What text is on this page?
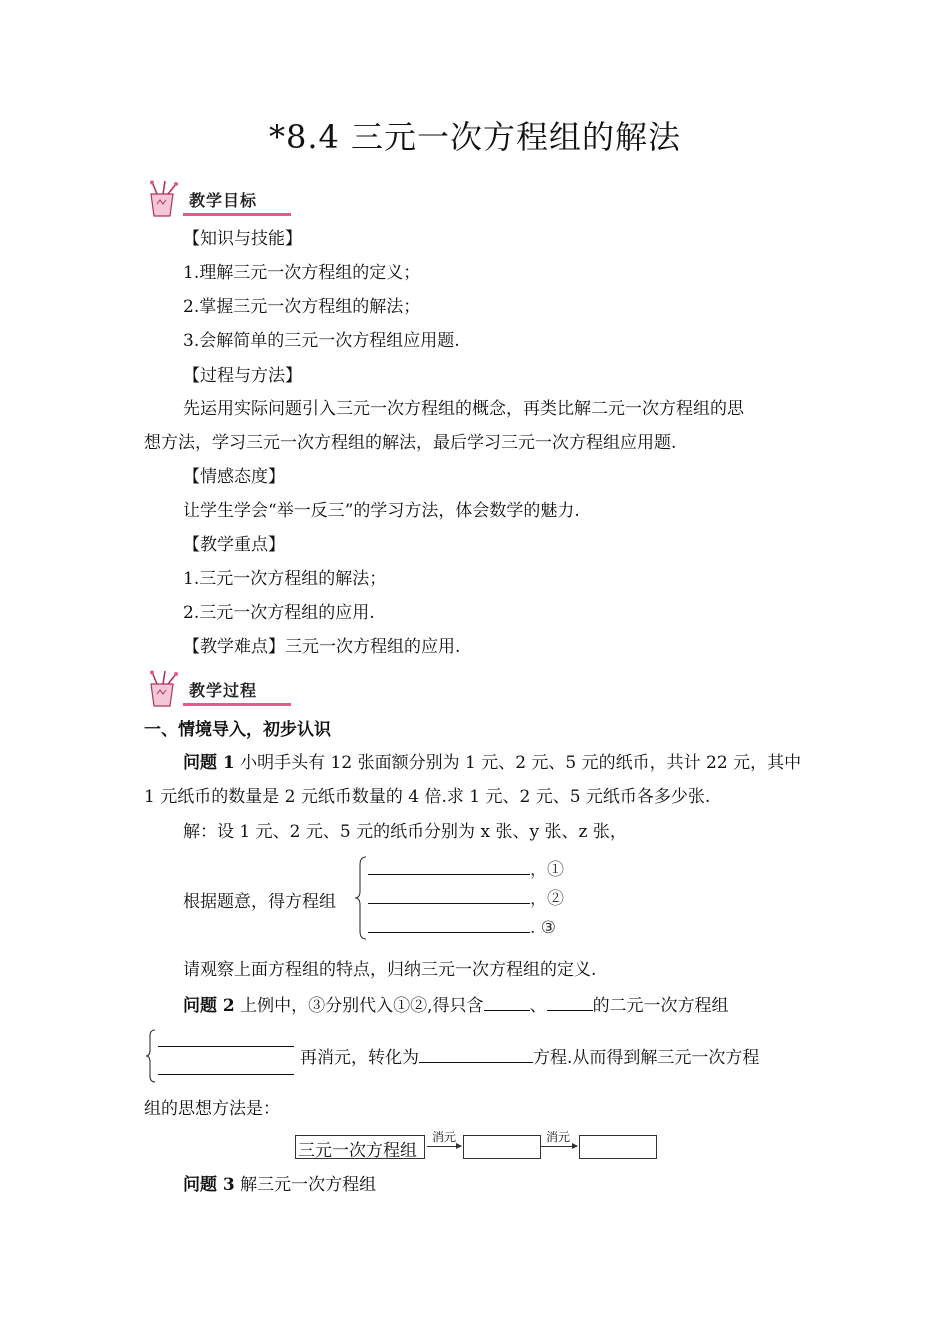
*8.4 三元一次方程组的解法
教学目标
【知识与技能】
1.理解三元一次方程组的定义；
2.掌握三元一次方程组的解法；
3.会解简单的三元一次方程组应用题.
【过程与方法】
先运用实际问题引入三元一次方程组的概念，再类比解二元一次方程组的思
想方法，学习三元一次方程组的解法，最后学习三元一次方程组应用题.
【情感态度】
让学生学会“举一反三”的学习方法，体会数学的魅力.
【教学重点】
1.三元一次方程组的解法；
2.三元一次方程组的应用.
【教学难点】三元一次方程组的应用.
教学过程
一、情境导入，初步认识
问题 1 小明手头有 12 张面额分别为 1 元、2 元、5 元的纸币，共计 22 元，其中
1 元纸币的数量是 2 元纸币数量的 4 倍.求 1 元、2 元、5 元纸币各多少张.
解：设 1 元、2 元、5 元的纸币分别为 x 张、y 张、z 张，
根据题意，得方程组
，①
，②
. ③
请观察上面方程组的特点，归纳三元一次方程组的定义.
问题 2 上例中，③分别代入①②,得只含	、	的二元一次方程组
再消元，转化为	方程.从而得到解三元一次方程
组的思想方法是：
三元一次方程组
消元	消元
问题 3 解三元一次方程组
